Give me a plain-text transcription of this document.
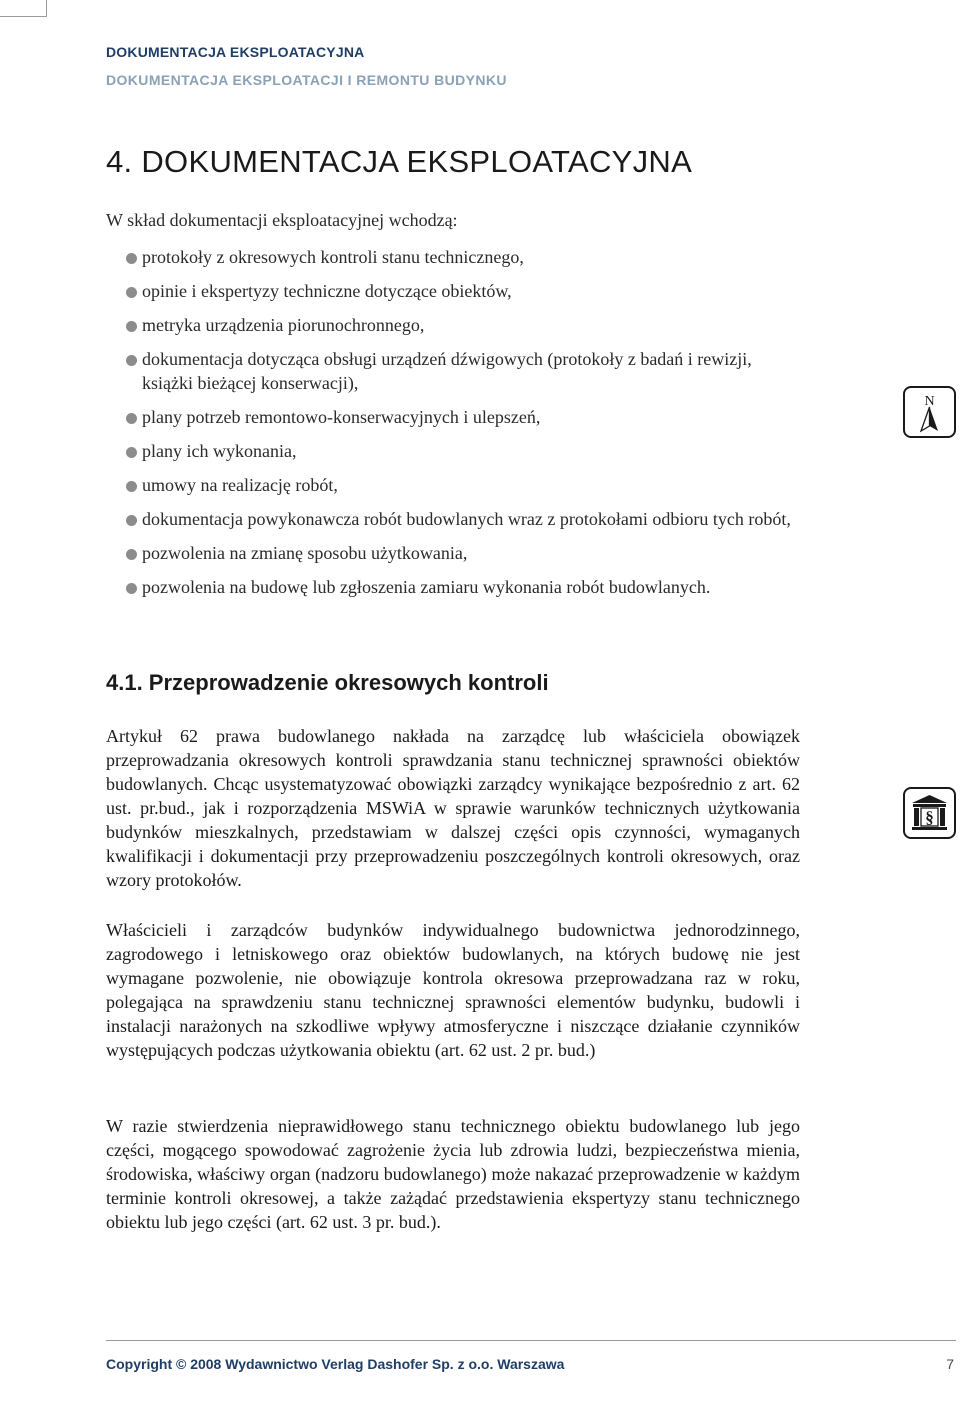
DOKUMENTACJA EKSPLOATACYJNA

DOKUMENTACJA EKSPLOATACJI I REMONTU BUDYNKU

4. DOKUMENTACJA EKSPLOATACYJNA

W skład dokumentacji eksploatacyjnej wchodzą:

protokoły z okresowych kontroli stanu technicznego,
opinie i ekspertyzy techniczne dotyczące obiektów,
metryka urządzenia piorunochronnego,
dokumentacja dotycząca obsługi urządzeń dźwigowych (protokoły z badań i rewizji, książki bieżącej konserwacji),
plany potrzeb remontowo-konserwacyjnych i ulepszeń,
plany ich wykonania,
umowy na realizację robót,
dokumentacja powykonawcza robót budowlanych wraz z protokołami odbioru tych robót,
pozwolenia na zmianę sposobu użytkowania,
pozwolenia na budowę lub zgłoszenia zamiaru wykonania robót budowlanych.
4.1. Przeprowadzenie okresowych kontroli

Artykuł 62 prawa budowlanego nakłada na zarządcę lub właściciela obowiązek przeprowadzania okresowych kontroli sprawdzania stanu technicznej sprawności obiektów budowlanych. Chcąc usystematyzować obowiązki zarządcy wynikające bezpośrednio z art. 62 ust. pr.bud., jak i rozporządzenia MSWiA w sprawie warunków technicznych użytkowania budynków mieszkalnych, przedstawiam w dalszej części opis czynności, wymaganych kwalifikacji i dokumentacji przy przeprowadzeniu poszczególnych kontroli okresowych, oraz wzory protokołów.

Właścicieli i zarządców budynków indywidualnego budownictwa jednorodzinnego, zagrodowego i letniskowego oraz obiektów budowlanych, na których budowę nie jest wymagane pozwolenie, nie obowiązuje kontrola okresowa przeprowadzana raz w roku, polegająca na sprawdzeniu stanu technicznej sprawności elementów budynku, budowli i instalacji narażonych na szkodliwe wpływy atmosferyczne i niszczące działanie czynników występujących podczas użytkowania obiektu (art. 62 ust. 2 pr. bud.)

W razie stwierdzenia nieprawidłowego stanu technicznego obiektu budowlanego lub jego części, mogącego spowodować zagrożenie życia lub zdrowia ludzi, bezpieczeństwa mienia, środowiska, właściwy organ (nadzoru budowlanego) może nakazać przeprowadzenie w każdym terminie kontroli okresowej, a także zażądać przedstawienia ekspertyzy stanu technicznego obiektu lub jego części (art. 62 ust. 3 pr. bud.).

N
§

Copyright © 2008 Wydawnictwo Verlag Dashofer Sp. z o.o. Warszawa	7
